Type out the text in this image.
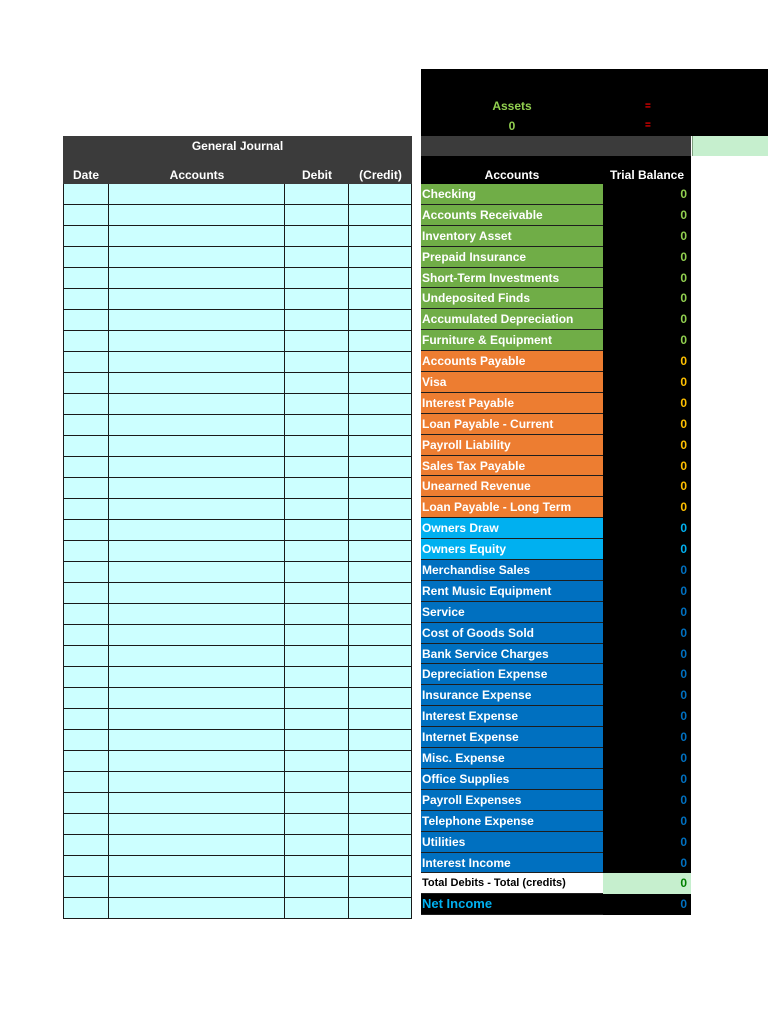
General Journal
Date	Accounts	Debit	(Credit)
Assets
0
=
=
Accounts	Trial Balance
Checking	0
Accounts Receivable	0
Inventory Asset	0
Prepaid Insurance	0
Short-Term Investments	0
Undeposited Finds	0
Accumulated Depreciation	0
Furniture & Equipment	0
Accounts Payable	0
Visa	0
Interest Payable	0
Loan Payable - Current	0
Payroll Liability	0
Sales Tax Payable	0
Unearned Revenue	0
Loan Payable - Long Term	0
Owners Draw	0
Owners Equity	0
Merchandise Sales	0
Rent Music Equipment	0
Service	0
Cost of Goods Sold	0
Bank Service Charges	0
Depreciation Expense	0
Insurance Expense	0
Interest Expense	0
Internet Expense	0
Misc. Expense	0
Office Supplies	0
Payroll Expenses	0
Telephone Expense	0
Utilities	0
Interest Income	0
Total Debits - Total (credits)	0
Net Income	0
